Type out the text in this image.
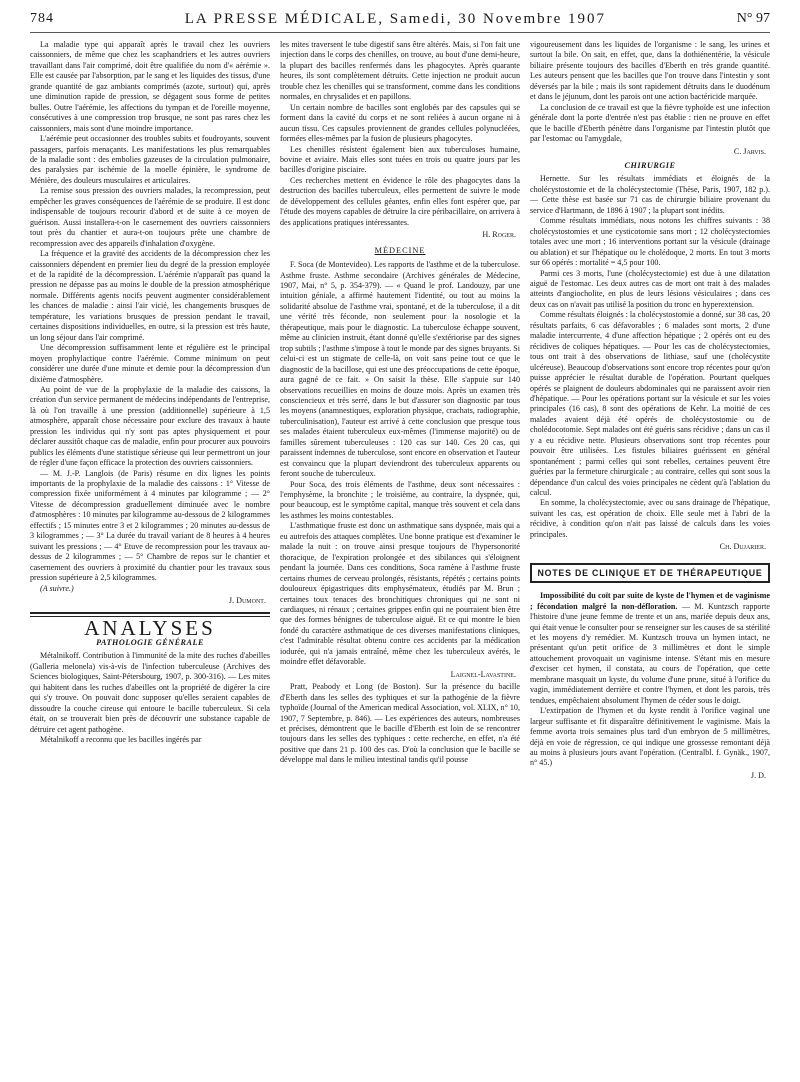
784	LA PRESSE MÉDICALE, Samedi, 30 Novembre 1907	N° 97

La maladie type qui apparaît après le travail chez les ouvriers caissonniers, de même que chez les scaphandriers et les autres ouvriers travaillant dans l'air comprimé, doit être qualifiée du nom d'« aérémie ». Elle est causée par l'absorption, par le sang et les liquides des tissus, d'une grande quantité de gaz ambiants comprimés (azote, surtout) qui, après une diminution rapide de pression, se dégagent sous forme de petites bulles. Outre l'aérémie, les affections du tympan et de l'oreille moyenne, consécutives à une compression trop brusque, ne sont pas rares chez les caissonniers, mais sont d'une moindre importance.

L'aérémie peut occasionner des troubles subits et foudroyants, souvent passagers, parfois menaçants. Les manifestations les plus remarquables de la maladie sont : des embolies gazeuses de la circulation pulmonaire, des paralysies par ischémie de la moelle épinière, le syndrome de Ménière, des douleurs musculaires et articulaires.

La remise sous pression des ouvriers malades, la recompression, peut empêcher les graves conséquences de l'aérémie de se produire. Il est donc indispensable de toujours recourir d'abord et de suite à ce moyen de guérison. Aussi installera-t-on le casernement des ouvriers caissonniers tout près du chantier et aura-t-on toujours prête une chambre de recompression avec des appareils d'inhalation d'oxygène.

La fréquence et la gravité des accidents de la décompression chez les caissonniers dépendent en premier lieu du degré de la pression employée et de la rapidité de la décompression. L'aérémie n'apparaît pas quand la pression ne dépasse pas au moins le double de la pression atmosphérique normale. Différents agents nocifs peuvent augmenter considérablement les chances de maladie : ainsi l'air vicié, les changements brusques de température, les variations brusques de pression pendant le travail, certaines dispositions individuelles, en outre, si la pression est très haute, un long séjour dans l'air comprimé.

Une décompression suffisamment lente et régulière est le principal moyen prophylactique contre l'aérémie. Comme minimum on peut considérer une durée d'une minute et demie pour la décompression d'un dixième d'atmosphère.

Au point de vue de la prophylaxie de la maladie des caissons, la création d'un service permanent de médecins indépendants de l'entreprise, là où l'on travaille à une pression (additionnelle) supérieure à 1,5 atmosphère, apparaît chose nécessaire pour exclure des travaux à haute pression les individus qui n'y sont pas aptes physiquement et pour déclarer aussitôt chaque cas de maladie, enfin pour procurer aux pouvoirs publics les éléments d'une statistique sérieuse qui leur permettront un jour de régler d'une façon efficace la protection des ouvriers caissonniers.

— M. J.-P. Langlois (de Paris) résume en dix lignes les points importants de la prophylaxie de la maladie des caissons : 1° Vitesse de compression fixée uniformément à 4 minutes par kilogramme ; — 2° Vitesse de décompression graduellement diminuée avec le nombre d'atmosphères : 10 minutes par kilogramme au-dessous de 2 kilogrammes effectifs ; 15 minutes entre 3 et 2 kilogrammes ; 20 minutes au-dessus de 3 kilogrammes ; — 3° La durée du travail variant de 8 heures à 4 heures suivant les pressions ; — 4° Etuve de recompression pour les travaux au-dessus de 2 kilogrammes ; — 5° Chambre de repos sur le chantier et casernement des ouvriers à proximité du chantier pour les travaux sous pression supérieure à 2,5 kilogrammes.

(A suivre.)

J. Dumont.
ANALYSES
PATHOLOGIE GÉNÉRALE

Métalnikoff. Contribution à l'immunité de la mite des ruches d'abeilles (Galleria melonela) vis-à-vis de l'infection tuberculeuse (Archives des Sciences biologiques, Saint-Pétersbourg, 1907, p. 300-316). — Les mites qui habitent dans les ruches d'abeilles ont la propriété de digérer la cire qui s'y trouve. On pouvait donc supposer qu'elles seraient capables de dissoudre la couche cireuse qui entoure le bacille tuberculeux. Si cela était, on se trouverait bien près de découvrir une substance capable de détruire cet agent pathogène.

Métalnikoff a reconnu que les bacilles ingérés par

les mites traversent le tube digestif sans être altérés. Mais, si l'on fait une injection dans le corps des chenilles, on trouve, au bout d'une demi-heure, la plupart des bacilles renfermés dans les phagocytes. Après quarante heures, ils sont complètement détruits. Cette injection ne produit aucun trouble chez les chenilles qui se transforment, comme dans les conditions normales, en chrysalides et en papillons.

Un certain nombre de bacilles sont englobés par des capsules qui se forment dans la cavité du corps et ne sont reliées à aucun organe ni à aucun tissu. Ces capsules proviennent de grandes cellules polynucléées, formées elles-mêmes par la fusion de plusieurs phagocytes.

Les chenilles résistent également bien aux tuberculoses humaine, bovine et aviaire. Mais elles sont tuées en trois ou quatre jours par les bacilles d'origine pisciaire.

Ces recherches mettent en évidence le rôle des phagocytes dans la destruction des bacilles tuberculeux, elles permettent de suivre le mode de développement des cellules géantes, enfin elles font espérer que, par l'étude des moyens capables de détruire la cire péribacillaire, on arrivera à des applications pratiques intéressantes.

H. Roger.
MÉDECINE

F. Soca (de Montevideo). Les rapports de l'asthme et de la tuberculose. Asthme fruste. Asthme secondaire (Archives générales de Médecine, 1907, Mai, n° 5, p. 354-379). — « Quand le prof. Landouzy, par une intuition géniale, a affirmé hautement l'identité, ou tout au moins la solidarité absolue de l'asthme vrai, spontané, et de la tuberculose, il a dit une vérité très féconde, non seulement pour la nosologie et la thérapeutique, mais pour le diagnostic. La tuberculose échappe souvent, même au clinicien instruit, étant donné qu'elle s'extériorise par des signes trop subtils ; l'asthme s'impose à tout le monde par des signes bruyants. Si celui-ci est un stigmate de celle-là, on voit sans peine tout ce que le diagnostic de la bacillose, qui est une des préoccupations de cette époque, aura gagné de ce fait. » On saisit la thèse. Elle s'appuie sur 140 observations recueillies en moins de douze mois. Après un examen très consciencieux et très serré, dans le but d'assurer son diagnostic par tous les moyens (anamnestiques, exploration physique, crachats, radiographie, tuberculinisation), l'auteur est arrivé à cette conclusion que presque tous ses malades étaient tuberculeux eux-mêmes (l'immense majorité) ou de familles sûrement tuberculeuses : 120 cas sur 140. Ces 20 cas, qui paraissent indemnes de tuberculose, sont encore en observation et l'auteur est convaincu que la plupart deviendront des tuberculeux apparents ou feront souche de tuberculeux.

Pour Soca, des trois éléments de l'asthme, deux sont nécessaires : l'emphysème, la bronchite ; le troisième, au contraire, la dyspnée, qui, pour beaucoup, est le symptôme capital, manque très souvent et cela dans les asthmes les moins contestables.

L'asthmatique fruste est donc un asthmatique sans dyspnée, mais qui a eu autrefois des attaques complètes. Une bonne pratique est d'examiner le malade la nuit : on trouve ainsi presque toujours de l'hypersonorité thoracique, de l'expiration prolongée et des sibilances qui s'éloignent pendant la journée. Dans ces conditions, Soca ramène à l'asthme fruste certains rhumes de cerveau prolongés, résistants, répétés ; certains points douloureux épigastriques dits emphysémateux, étudiés par M. Brun ; certaines toux tenaces des bronchitiques chroniques qui ne sont ni cardiaques, ni rénaux ; certaines grippes enfin qui ne pourraient bien être que des formes bénignes de tuberculose aiguë. Et ce qui montre le bien fondé du caractère asthmatique de ces diverses manifestations cliniques, c'est l'admirable résultat obtenu contre ces accidents par la médication iodurée, qui n'a jamais entraîné, même chez les tuberculeux avérés, le moindre effet défavorable.

Laignel-Lavastine.

Pratt, Peabody et Long (de Boston). Sur la présence du bacille d'Eberth dans les selles des typhiques et sur la pathogénie de la fièvre typhoïde (Journal of the American medical Association, vol. XLIX, n° 10, 1907, 7 Septembre, p. 846). — Les expériences des auteurs, nombreuses et précises, démontrent que le bacille d'Eberth est loin de se rencontrer toujours dans les selles des typhiques : cette recherche, en effet, n'a été positive que dans 21 p. 100 des cas. D'où la conclusion que le bacille se développe mal dans le milieu intestinal tandis qu'il pousse

vigoureusement dans les liquides de l'organisme : le sang, les urines et surtout la bile. On sait, en effet, que, dans la dothiénentérie, la vésicule biliaire présente toujours des bacilles d'Eberth en très grande quantité. Les auteurs pensent que les bacilles que l'on trouve dans l'intestin y sont déversés par la bile ; mais ils sont rapidement détruits dans le duodénum et dans le jéjunum, dont les parois ont une action bactéricide marquée.

La conclusion de ce travail est que la fièvre typhoïde est une infection générale dont la porte d'entrée n'est pas établie : rien ne prouve en effet que le bacille d'Eberth pénètre dans l'organisme par l'intestin plutôt que par l'estomac ou l'amygdale,

C. Jarvis.
CHIRURGIE

Hernette. Sur les résultats immédiats et éloignés de la cholécystostomie et de la cholécystectomie (Thèse, Paris, 1907, 182 p.). — Cette thèse est basée sur 71 cas de chirurgie biliaire provenant du service d'Hartmann, de 1896 à 1907 ; la plupart sont inédits.

Comme résultats immédiats, nous notons les chiffres suivants : 38 cholécystostomies et une cysticotomie sans mort ; 12 cholécystectomies totales avec une mort ; 16 interventions portant sur la vésicule (drainage ou ablation) et sur l'hépatique ou le cholédoque, 2 morts. En tout 3 morts sur 66 opérés : mortalité = 4,5 pour 100.

Parmi ces 3 morts, l'une (cholécystectomie) est due à une dilatation aiguë de l'estomac. Les deux autres cas de mort ont trait à des malades atteints d'angiocholite, en plus de leurs lésions vésiculaires ; dans ces deux cas on n'avait pas utilisé la position du tronc en hyperextension.

Comme résultats éloignés : la cholécystostomie a donné, sur 38 cas, 20 résultats parfaits, 6 cas défavorables ; 6 malades sont morts, 2 d'une maladie intercurrente, 4 d'une affection hépatique ; 2 opérés ont eu des récidives de coliques hépatiques. — Pour les cas de cholécystectomies, tous ont trait à des observations de lithiase, sauf une (cholécystite ulcéreuse). Beaucoup d'observations sont encore trop récentes pour qu'on puisse apprécier le résultat durable de l'opération. Pourtant quelques opérés se plaignent de douleurs abdominales qui ne paraissent avoir rien d'hépatique. — Pour les opérations portant sur la vésicule et sur les voies principales (16 cas), 8 sont des opérations de Kehr. La moitié de ces malades avaient déjà été opérés de cholécystostomie ou de cholédocotomie. Sept malades ont été guéris sans récidive ; dans un cas il y a eu récidive nette. Plusieurs observations sont trop récentes pour pouvoir être utilisées. Les fistules biliaires guérissent en général spontanément ; parmi celles qui sont rebelles, certaines peuvent être guéries par la fermeture chirurgicale ; au contraire, celles qui sont sous la dépendance d'un calcul des voies principales ne cèdent qu'à l'ablation du calcul.

En somme, la cholécystectomie, avec ou sans drainage de l'hépatique, suivant les cas, est opération de choix. Elle seule met à l'abri de la récidive, à condition qu'on n'ait pas laissé de calculs dans les voies principales.

Ch. Dujarier.
NOTES DE CLINIQUE ET DE THÉRAPEUTIQUE

Impossibilité du coït par suite de kyste de l'hymen et de vaginisme ; fécondation malgré la non-défloration. — M. Kuntzsch rapporte l'histoire d'une jeune femme de trente et un ans, mariée depuis deux ans, qui était venue le consulter pour se renseigner sur les causes de sa stérilité et les moyens d'y remédier. M. Kuntzsch trouva un hymen intact, ne présentant qu'un petit orifice de 3 millimètres et dont le simple attouchement provoquait un vaginisme intense. S'étant mis en mesure d'exciser cet hymen, il constata, au cours de l'opération, que cette membrane masquait un kyste, du volume d'une prune, situé à l'orifice du vagin, immédiatement derrière et contre l'hymen, et dont les parois, très tendues, empêchaient absolument l'hymen de céder sous le doigt.

L'extirpation de l'hymen et du kyste rendit à l'orifice vaginal une largeur suffisante et fit disparaître définitivement le vaginisme. Mais la femme avorta trois semaines plus tard d'un embryon de 5 millimètres, déjà en voie de régression, ce qui indique une grossesse remontant déjà au moins à plusieurs jours avant l'opération. (Centralbl. f. Gynäk., 1907, n° 45.)

J. D.
